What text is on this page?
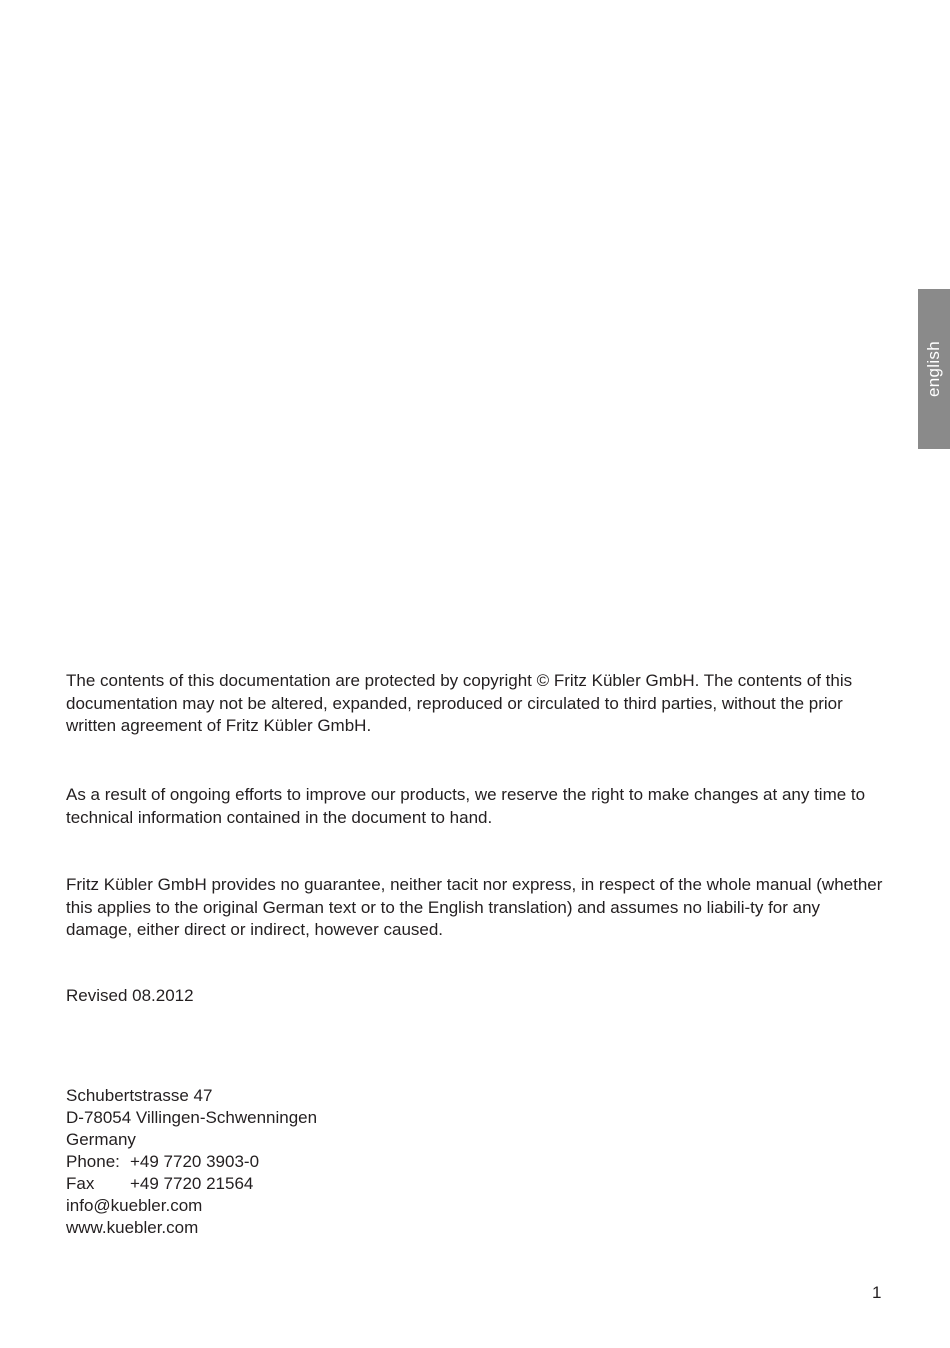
english

The contents of this documentation are protected by copyright © Fritz Kübler GmbH. The contents of this documentation may not be altered, expanded, reproduced or circulated to third parties, without the prior written agreement of Fritz Kübler GmbH.

As a result of ongoing efforts to improve our products, we reserve the right to make changes at any time to technical information contained in the document to hand.

Fritz Kübler GmbH provides no guarantee, neither tacit nor express, in respect of the whole manual (whether this applies to the original German text or to the English translation) and assumes no liabili-ty for any damage, either direct or indirect, however caused.

Revised 08.2012

Schubertstrasse 47
D-78054 Villingen-Schwenningen
Germany
Phone: +49 7720 3903-0
Fax +49 7720 21564
info@kuebler.com
www.kuebler.com
1
